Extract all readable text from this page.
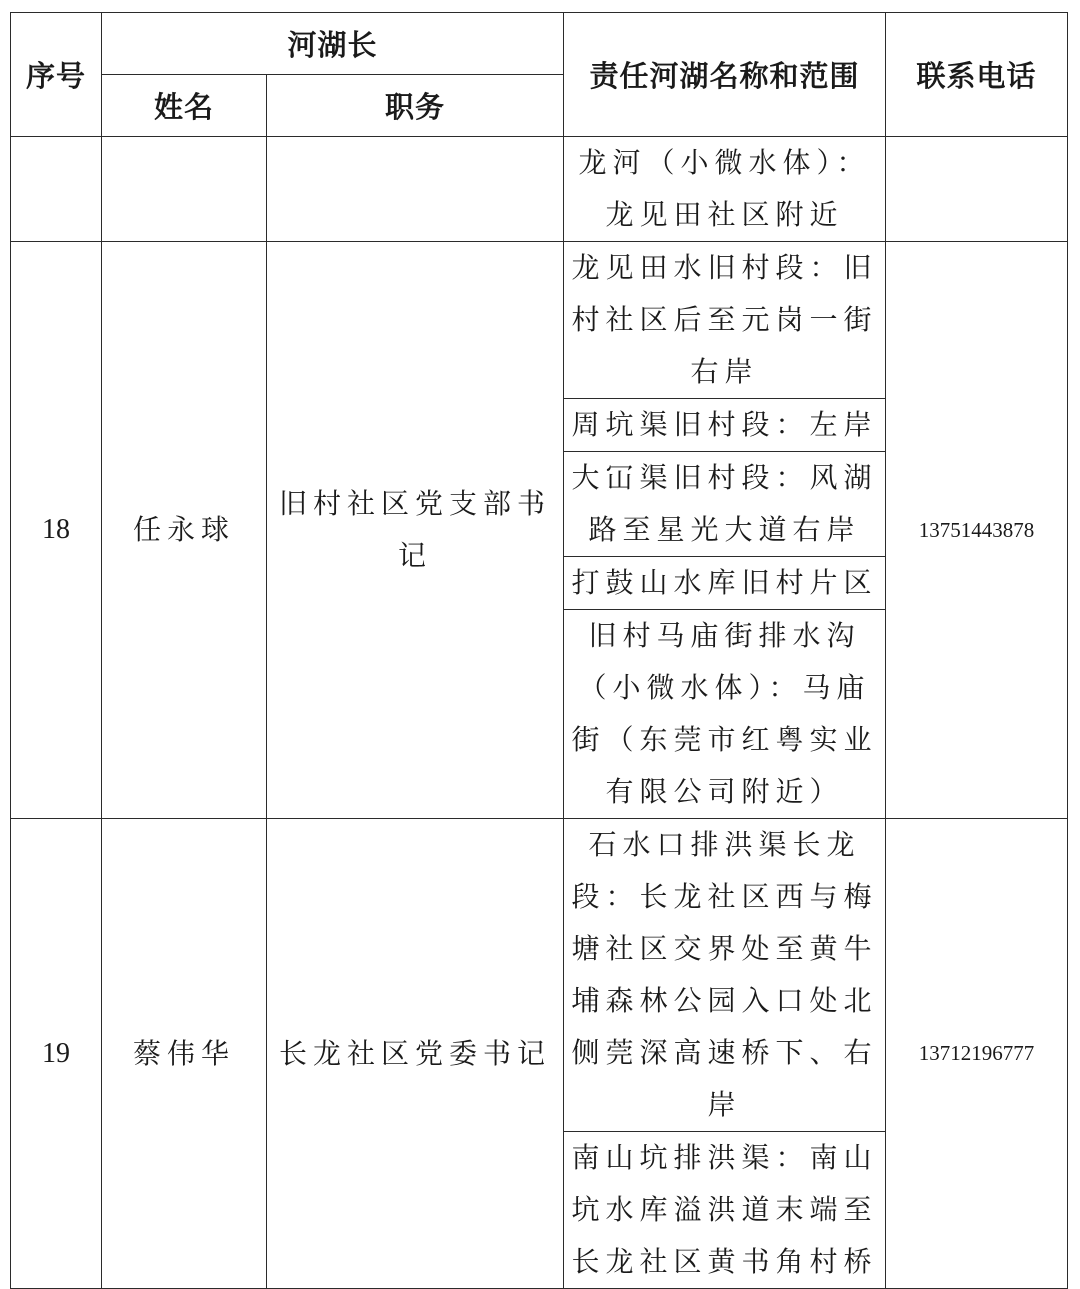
序号	河湖长		责任河湖名称和范围	联系电话
	姓名	职务		
			龙河（小微水体）：龙见田社区附近	
18	任永球	旧村社区党支部书记	龙见田水旧村段：旧村社区后至元岗一街右岸	13751443878
			周坑渠旧村段：左岸	
			大冚渠旧村段：风湖路至星光大道右岸	
			打鼓山水库旧村片区	
			旧村马庙街排水沟（小微水体）：马庙街（东莞市红粤实业有限公司附近）	
19	蔡伟华	长龙社区党委书记	石水口排洪渠长龙段：长龙社区西与梅塘社区交界处至黄牛埔森林公园入口处北侧莞深高速桥下、右岸	13712196777
			南山坑排洪渠：南山坑水库溢洪道末端至长龙社区黄书角村桥	
